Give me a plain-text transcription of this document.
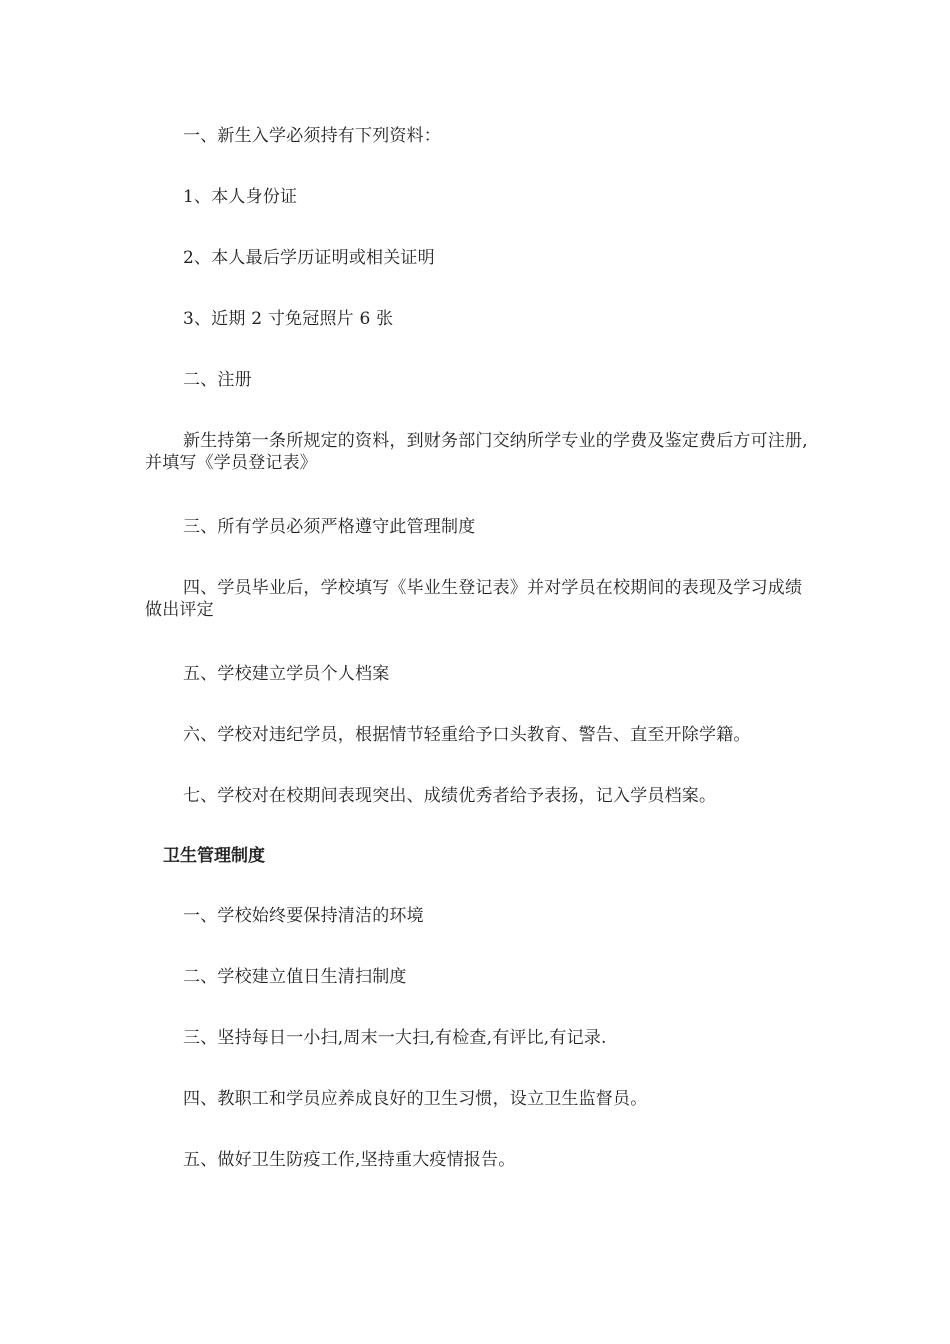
一、新生入学必须持有下列资料：

1、本人身份证

2、本人最后学历证明或相关证明

3、近期 2 寸免冠照片 6 张

二、注册

新生持第一条所规定的资料，到财务部门交纳所学专业的学费及鉴定费后方可注册,并填写《学员登记表》

三、所有学员必须严格遵守此管理制度

四、学员毕业后，学校填写《毕业生登记表》并对学员在校期间的表现及学习成绩做出评定

五、学校建立学员个人档案

六、学校对违纪学员，根据情节轻重给予口头教育、警告、直至开除学籍。

七、学校对在校期间表现突出、成绩优秀者给予表扬，记入学员档案。

卫生管理制度

一、学校始终要保持清洁的环境

二、学校建立值日生清扫制度

三、坚持每日一小扫,周末一大扫,有检查,有评比,有记录.

四、教职工和学员应养成良好的卫生习惯，设立卫生监督员。

五、做好卫生防疫工作,坚持重大疫情报告。
